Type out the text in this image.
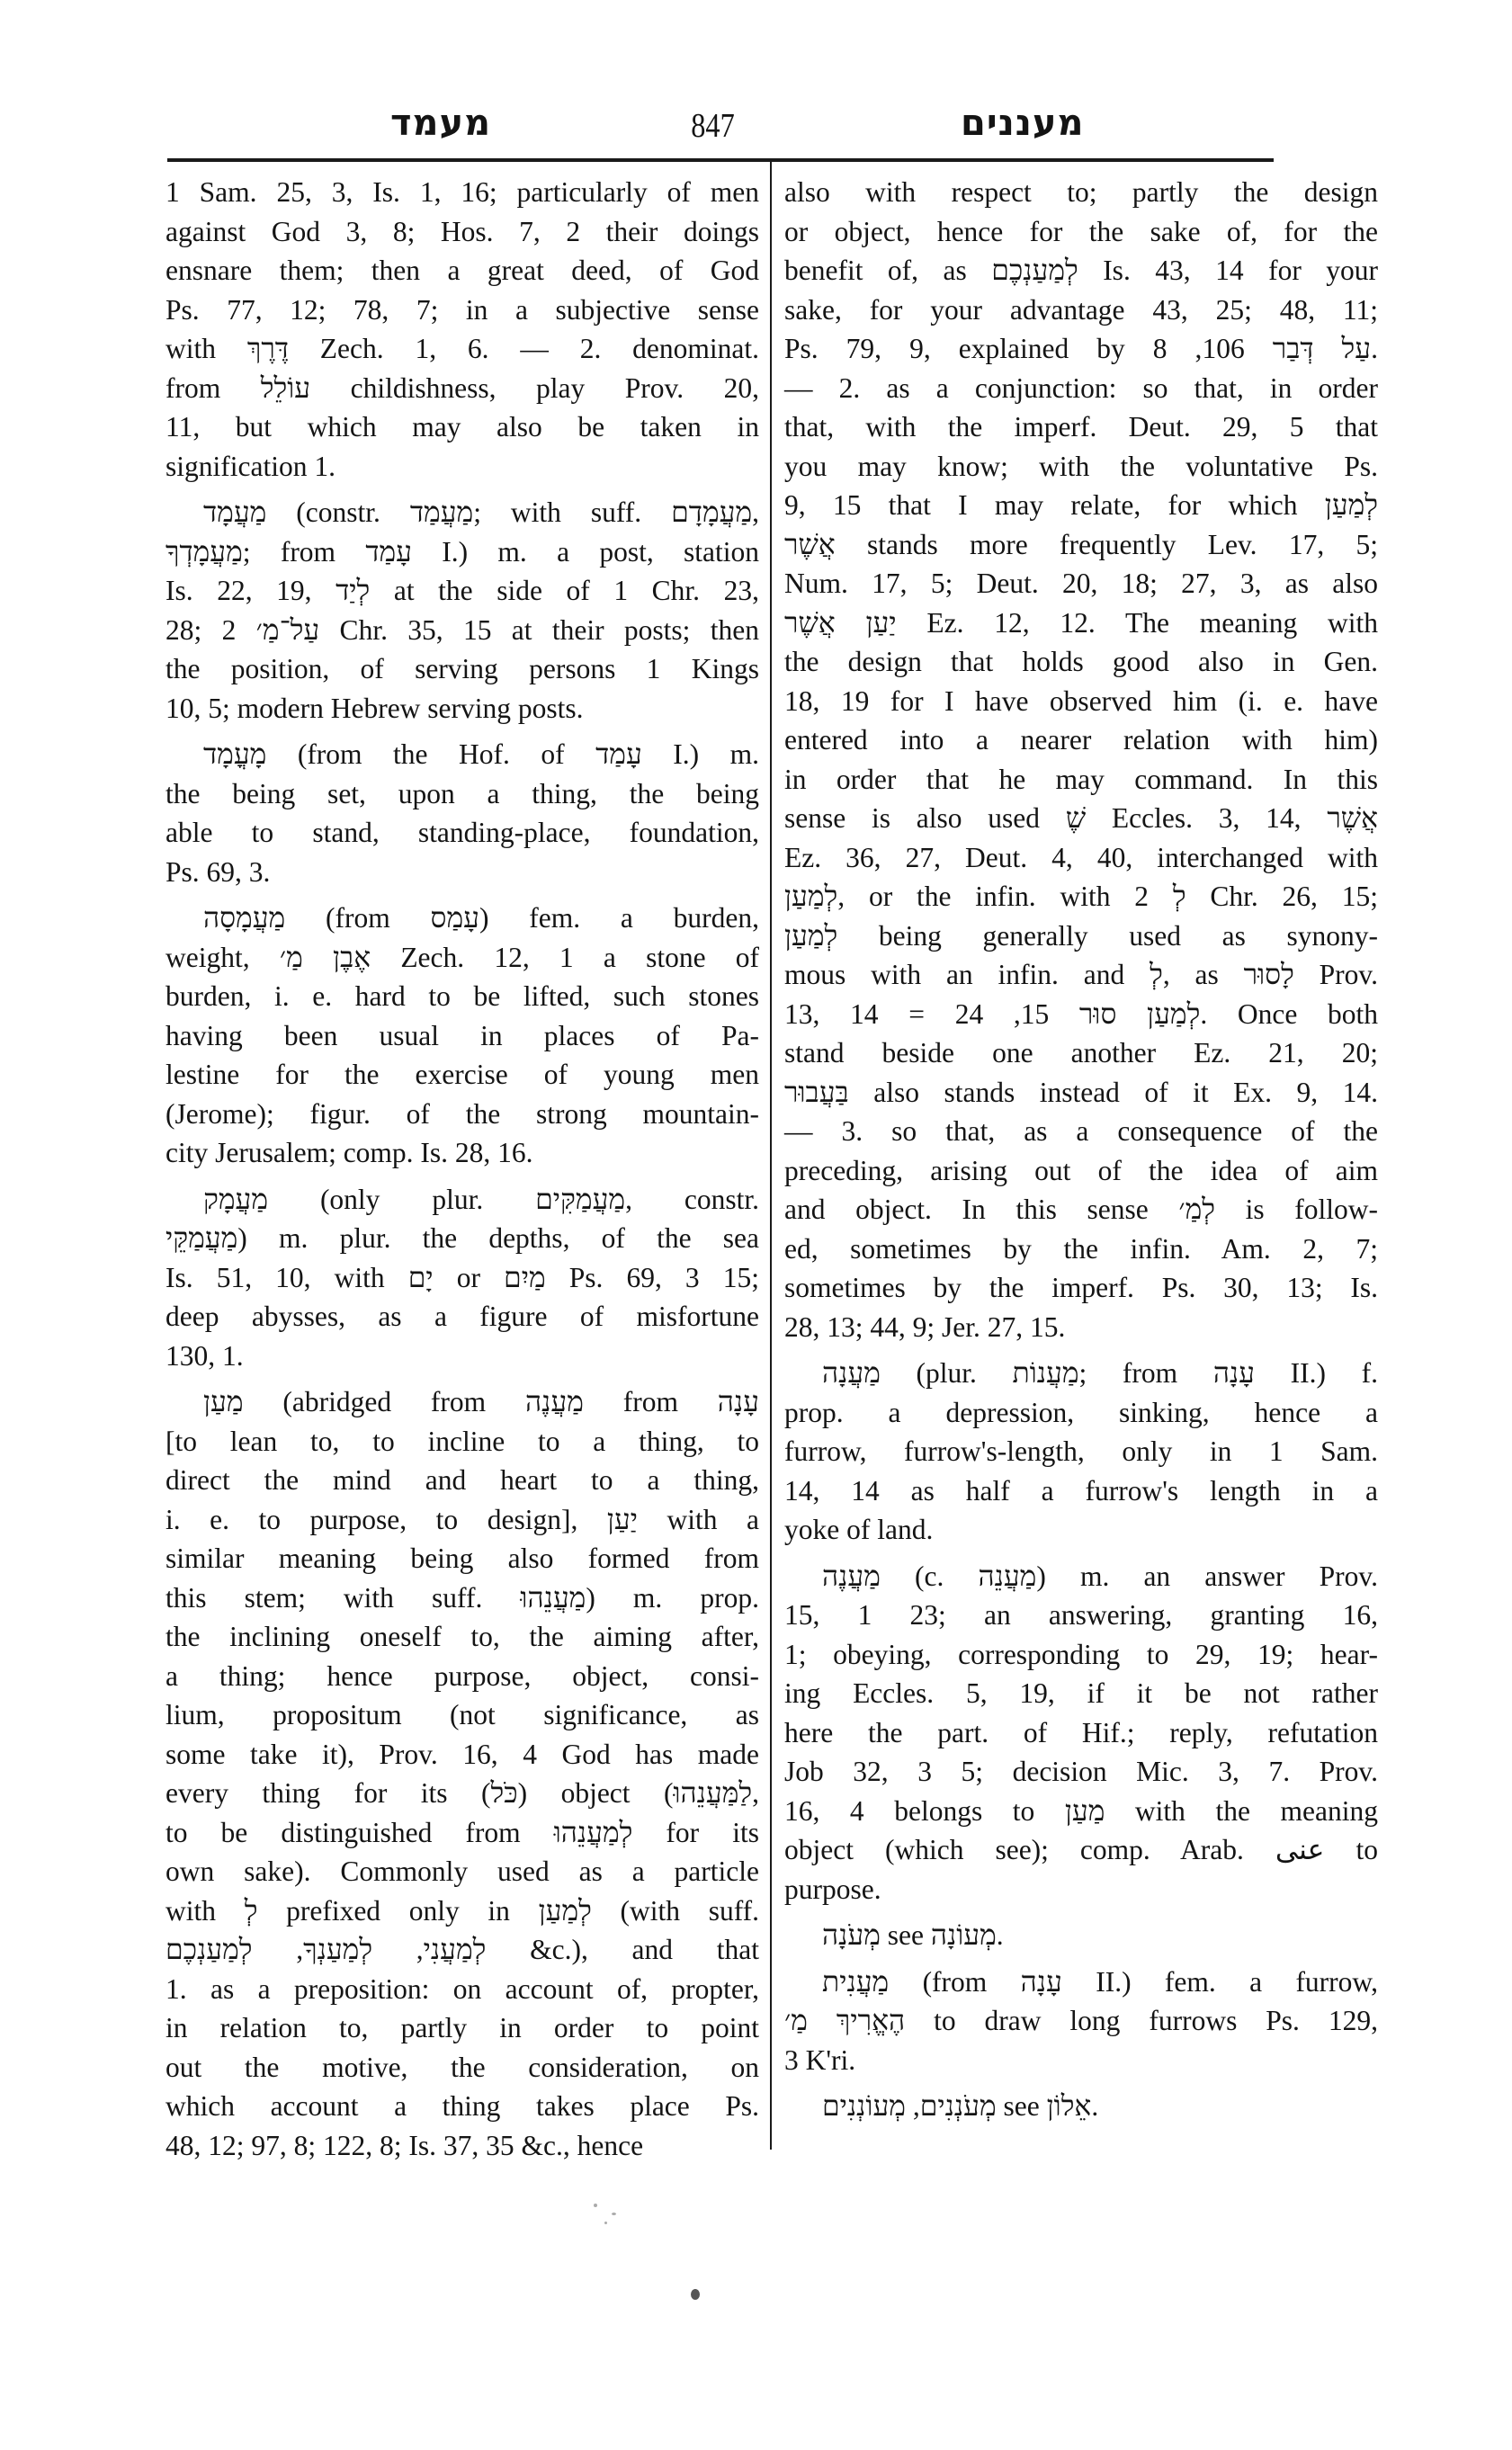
מעמד	847	מעננים
1 Sam. 25, 3, Is. 1, 16; particularly of men
against God 3, 8; Hos. 7, 2 their doings
ensnare them; then a great deed, of God
Ps. 77, 12; 78, 7; in a subjective sense
with דֶּרֶךְ Zech. 1, 6. — 2. denominat.
from עוֹלֵל childishness, play Prov. 20,
11, but which may also be taken in
signification 1.
מַעֲמָד (constr. מַעֲמַד; with suff. מַעֲמָדָם,
מַעֲמָדְךָ; from עָמַד I.) m. a post, station
Is. 22, 19, לְיַד at the side of 1 Chr. 23,
28; עַל־מַ׳ 2 Chr. 35, 15 at their posts; then
the position, of serving persons 1 Kings
10, 5; modern Hebrew serving posts.
מָעֳמָד (from the Hof. of עָמַד I.) m.
the being set, upon a thing, the being
able to stand, standing-place, foundation,
Ps. 69, 3.
מַעֲמָסָה (from עָמַס) fem. a burden,
weight, אֶבֶן מַ׳ Zech. 12, 1 a stone of
burden, i. e. hard to be lifted, such stones
having been usual in places of Pa-
lestine for the exercise of young men
(Jerome); figur. of the strong mountain-
city Jerusalem; comp. Is. 28, 16.
מַעֲמָק (only plur. מַעֲמַקִּים, constr.
מַעֲמַקֵּי) m. plur. the depths, of the sea
Is. 51, 10, with יָם or מַיִם Ps. 69, 3 15;
deep abysses, as a figure of misfortune
130, 1.
מַעַן (abridged from מַעֲנֶה from עָנָה
[to lean to, to incline to a thing, to
direct the mind and heart to a thing,
i. e. to purpose, to design], יַעַן with a
similar meaning being also formed from
this stem; with suff. מַעֲנֵהוּ) m. prop.
the inclining oneself to, the aiming after,
a thing; hence purpose, object, consi-
lium, propositum (not significance, as
some take it), Prov. 16, 4 God has made
every thing for its (כֹּל) object (לַמַּעֲנֵהוּ,
to be distinguished from לְמַעֲנֵהוּ for its
own sake). Commonly used as a particle
with לְ prefixed only in לְמַעַן (with suff.
לְמַעֲנִי, לְמַעַנְךָ, לְמַעַנְכֶם &c.), and that
1. as a preposition: on account of, propter,
in relation to, partly in order to point
out the motive, the consideration, on
which account a thing takes place Ps.
48, 12; 97, 8; 122, 8; Is. 37, 35 &c., hence
also with respect to; partly the design
or object, hence for the sake of, for the
benefit of, as לְמַעַנְכֶם Is. 43, 14 for your
sake, for your advantage 43, 25; 48, 11;
Ps. 79, 9, explained by עַל דְּבַר 106, 8.
— 2. as a conjunction: so that, in order
that, with the imperf. Deut. 29, 5 that
you may know; with the voluntative Ps.
9, 15 that I may relate, for which לְמַעַן
אֲשֶׁר stands more frequently Lev. 17, 5;
Num. 17, 5; Deut. 20, 18; 27, 3, as also
יַעַן אֲשֶׁר Ez. 12, 12. The meaning with
the design that holds good also in Gen.
18, 19 for I have observed him (i. e. have
entered into a nearer relation with him)
in order that he may command. In this
sense is also used שֶׁ Eccles. 3, 14, אֲשֶׁר
Ez. 36, 27, Deut. 4, 40, interchanged with
לְמַעַן, or the infin. with לְ 2 Chr. 26, 15;
לְמַעַן being generally used as synony-
mous with an infin. and לְ, as לָסוּר Prov.
13, 14 = לְמַעַן סוּר 15, 24. Once both
stand beside one another Ez. 21, 20;
בַּעֲבוּר also stands instead of it Ex. 9, 14.
— 3. so that, as a consequence of the
preceding, arising out of the idea of aim
and object. In this sense לְמַ׳ is follow-
ed, sometimes by the infin. Am. 2, 7;
sometimes by the imperf. Ps. 30, 13; Is.
28, 13; 44, 9; Jer. 27, 15.
מַעֲנָה (plur. מַעֲנוֹת; from עָנָה II.) f.
prop. a depression, sinking, hence a
furrow, furrow's-length, only in 1 Sam.
14, 14 as half a furrow's length in a
yoke of land.
מַעֲנֶה (c. מַעֲנֵה) m. an answer Prov.
15, 1 23; an answering, granting 16,
1; obeying, corresponding to 29, 19; hear-
ing Eccles. 5, 19, if it be not rather
here the part. of Hif.; reply, refutation
Job 32, 3 5; decision Mic. 3, 7. Prov.
16, 4 belongs to מַעַן with the meaning
object (which see); comp. Arab. عنى to
purpose.
מְעֹנָה see מְעוֹנָה.
מַעֲנִית (from עָנָה II.) fem. a furrow,
הֶאֱרִיךְ מַ׳ to draw long furrows Ps. 129,
3 K'ri.
מְעֹנְנִים, מְעוֹנְנִים see אֵלוֹן.
